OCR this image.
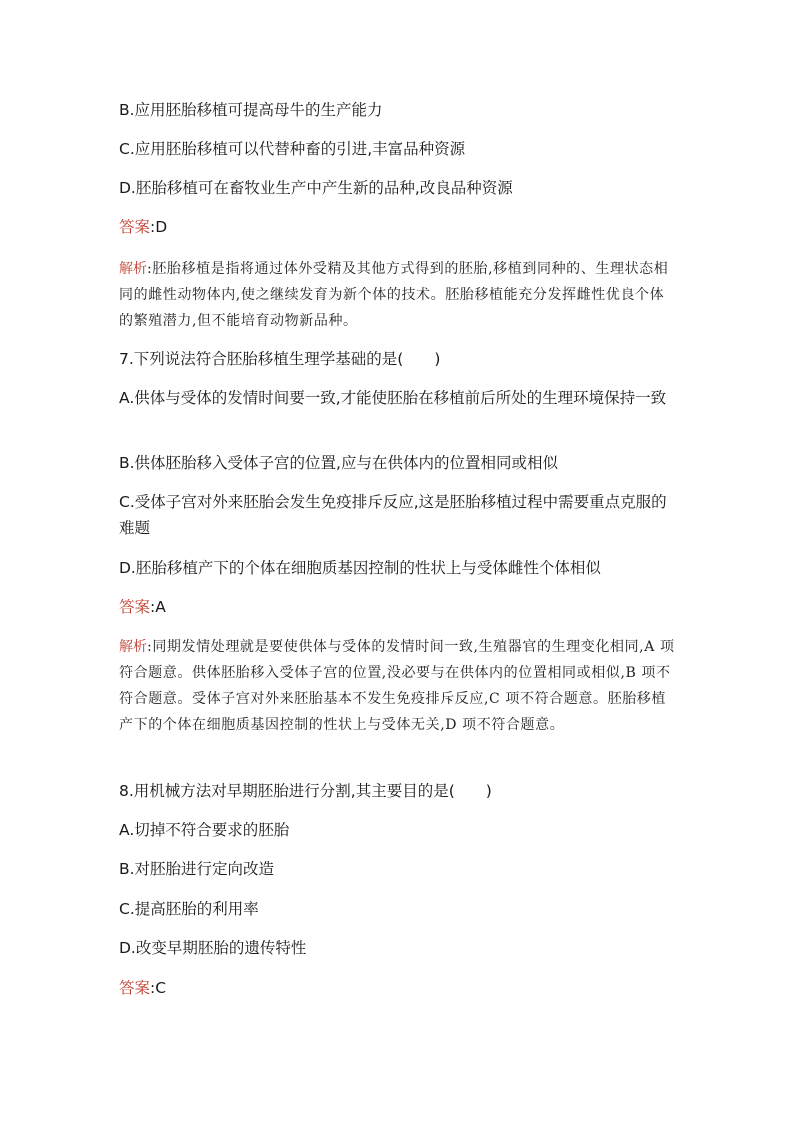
B.应用胚胎移植可提高母牛的生产能力
C.应用胚胎移植可以代替种畜的引进,丰富品种资源
D.胚胎移植可在畜牧业生产中产生新的品种,改良品种资源
答案:D
解析:胚胎移植是指将通过体外受精及其他方式得到的胚胎,移植到同种的、生理状态相同的雌性动物体内,使之继续发育为新个体的技术。胚胎移植能充分发挥雌性优良个体的繁殖潜力,但不能培育动物新品种。
7.下列说法符合胚胎移植生理学基础的是(　　)
A.供体与受体的发情时间要一致,才能使胚胎在移植前后所处的生理环境保持一致
B.供体胚胎移入受体子宫的位置,应与在供体内的位置相同或相似
C.受体子宫对外来胚胎会发生免疫排斥反应,这是胚胎移植过程中需要重点克服的难题
D.胚胎移植产下的个体在细胞质基因控制的性状上与受体雌性个体相似
答案:A
解析:同期发情处理就是要使供体与受体的发情时间一致,生殖器官的生理变化相同,A 项符合题意。供体胚胎移入受体子宫的位置,没必要与在供体内的位置相同或相似,B 项不符合题意。受体子宫对外来胚胎基本不发生免疫排斥反应,C 项不符合题意。胚胎移植产下的个体在细胞质基因控制的性状上与受体无关,D 项不符合题意。
8.用机械方法对早期胚胎进行分割,其主要目的是(　　)
A.切掉不符合要求的胚胎
B.对胚胎进行定向改造
C.提高胚胎的利用率
D.改变早期胚胎的遗传特性
答案:C
